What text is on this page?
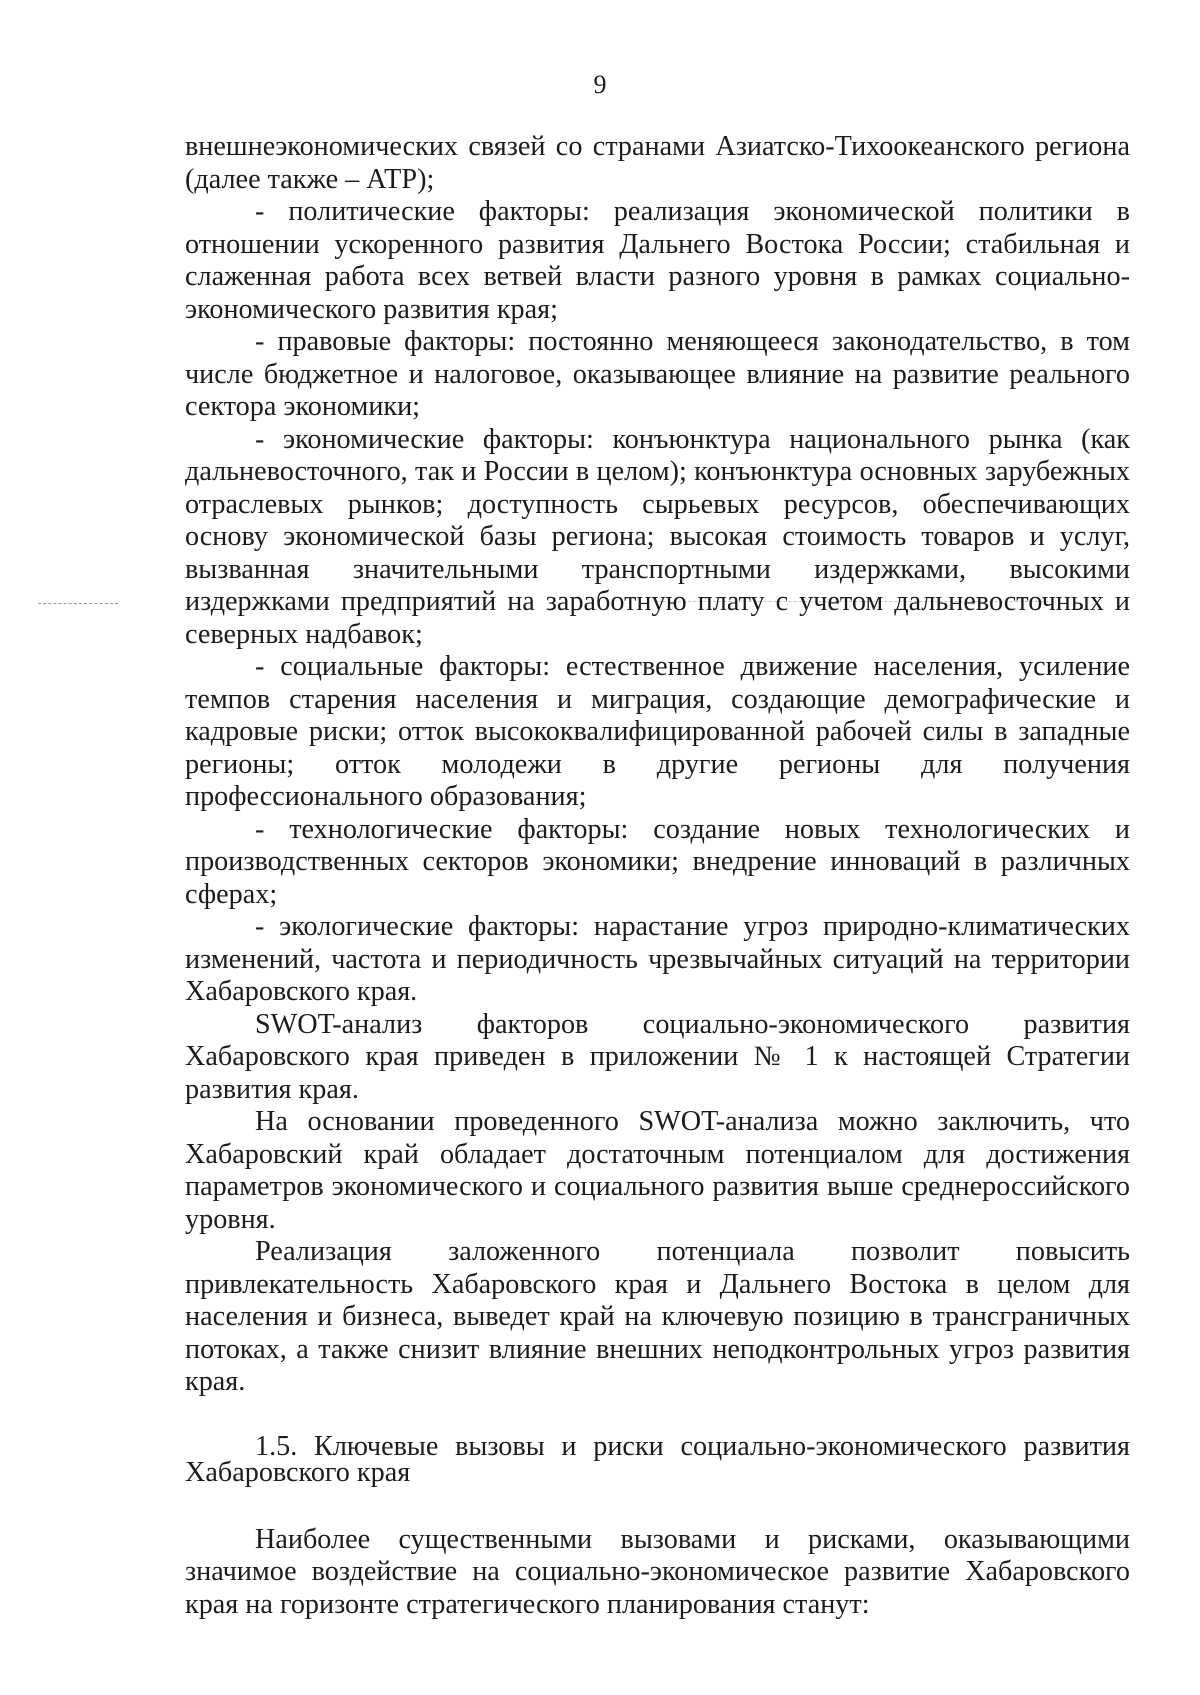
9

внешнеэкономических связей со странами Азиатско-Тихоокеанского региона (далее также – АТР);

- политические факторы: реализация экономической политики в отношении ускоренного развития Дальнего Востока России; стабильная и слаженная работа всех ветвей власти разного уровня в рамках социально-экономического развития края;

- правовые факторы: постоянно меняющееся законодательство, в том числе бюджетное и налоговое, оказывающее влияние на развитие реального сектора экономики;

- экономические факторы: конъюнктура национального рынка (как дальневосточного, так и России в целом); конъюнктура основных зарубежных отраслевых рынков; доступность сырьевых ресурсов, обеспечивающих основу экономической базы региона; высокая стоимость товаров и услуг, вызванная значительными транспортными издержками, высокими издержками предприятий на заработную плату с учетом дальневосточных и северных надбавок;

- социальные факторы: естественное движение населения, усиление темпов старения населения и миграция, создающие демографические и кадровые риски; отток высококвалифицированной рабочей силы в западные регионы; отток молодежи в другие регионы для получения профессионального образования;

- технологические факторы: создание новых технологических и производственных секторов экономики; внедрение инноваций в различных сферах;

- экологические факторы: нарастание угроз природно-климатических изменений, частота и периодичность чрезвычайных ситуаций на территории Хабаровского края.

SWOT-анализ факторов социально-экономического развития Хабаровского края приведен в приложении № 1 к настоящей Стратегии развития края.

На основании проведенного SWOT-анализа можно заключить, что Хабаровский край обладает достаточным потенциалом для достижения параметров экономического и социального развития выше среднероссийского уровня.

Реализация заложенного потенциала позволит повысить привлекательность Хабаровского края и Дальнего Востока в целом для населения и бизнеса, выведет край на ключевую позицию в трансграничных потоках, а также снизит влияние внешних неподконтрольных угроз развития края.

1.5. Ключевые вызовы и риски социально-экономического развития Хабаровского края

Наиболее существенными вызовами и рисками, оказывающими значимое воздействие на социально-экономическое развитие Хабаровского края на горизонте стратегического планирования станут:
